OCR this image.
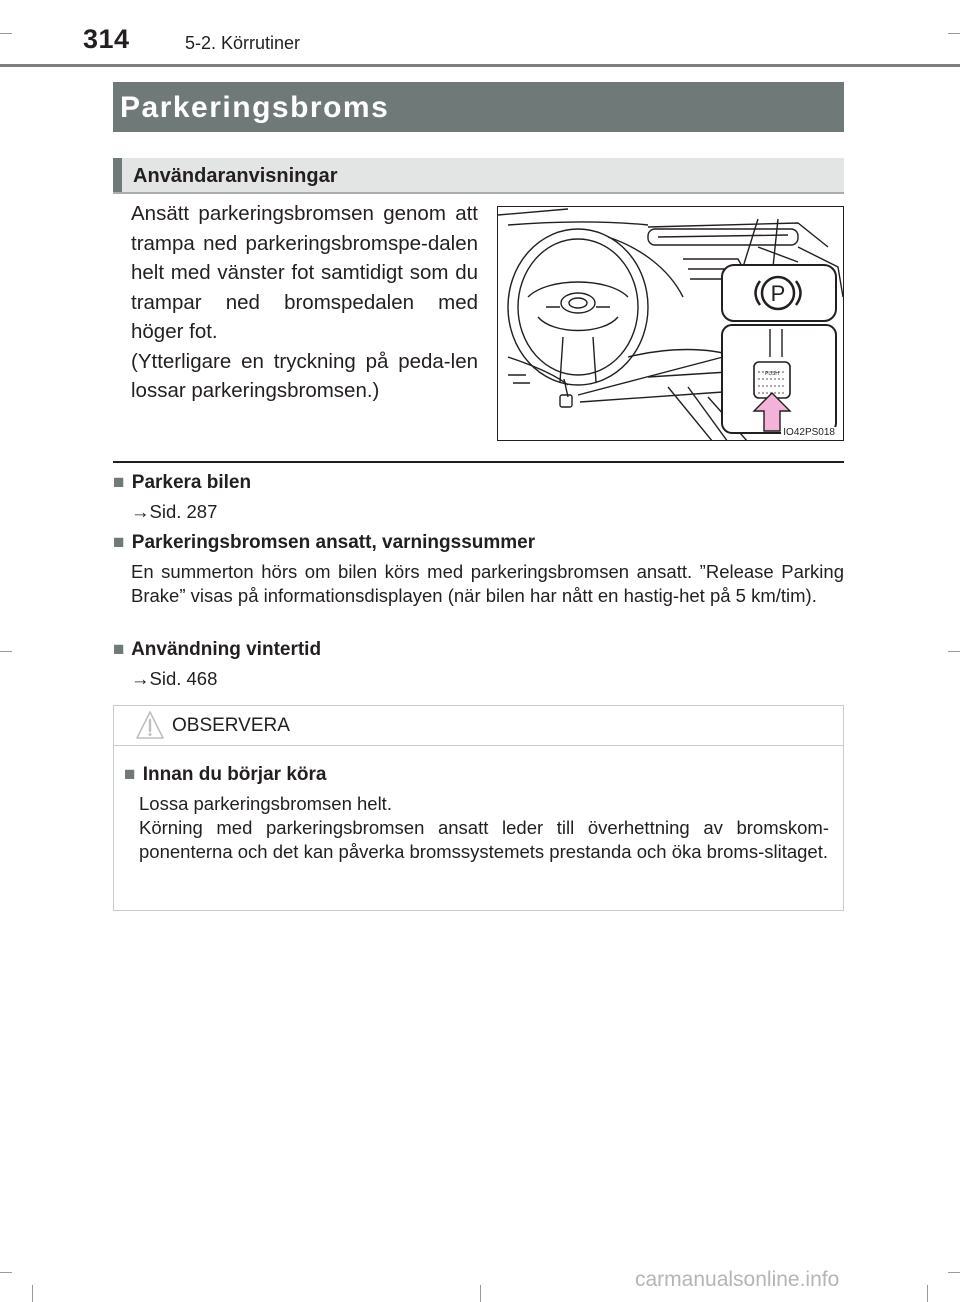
314	5-2. Körrutiner
Parkeringsbroms
Användaranvisningar

Ansätt parkeringsbromsen genom att trampa ned parkeringsbromspe-dalen helt med vänster fot samtidigt som du trampar ned bromspedalen med höger fot.

(Ytterligare en tryckning på peda-len lossar parkeringsbromsen.)

P
PUSH
IO42PS018
■ Parkera bilen
→Sid. 287
■ Parkeringsbromsen ansatt, varningssummer
En summerton hörs om bilen körs med parkeringsbromsen ansatt. ”Release Parking Brake” visas på informationsdisplayen (när bilen har nått en hastig-het på 5 km/tim).
■ Användning vintertid
→Sid. 468
OBSERVERA
■ Innan du börjar köra
Lossa parkeringsbromsen helt.
Körning med parkeringsbromsen ansatt leder till överhettning av bromskom-ponenterna och det kan påverka bromssystemets prestanda och öka broms-slitaget.
carmanualsonline.info
